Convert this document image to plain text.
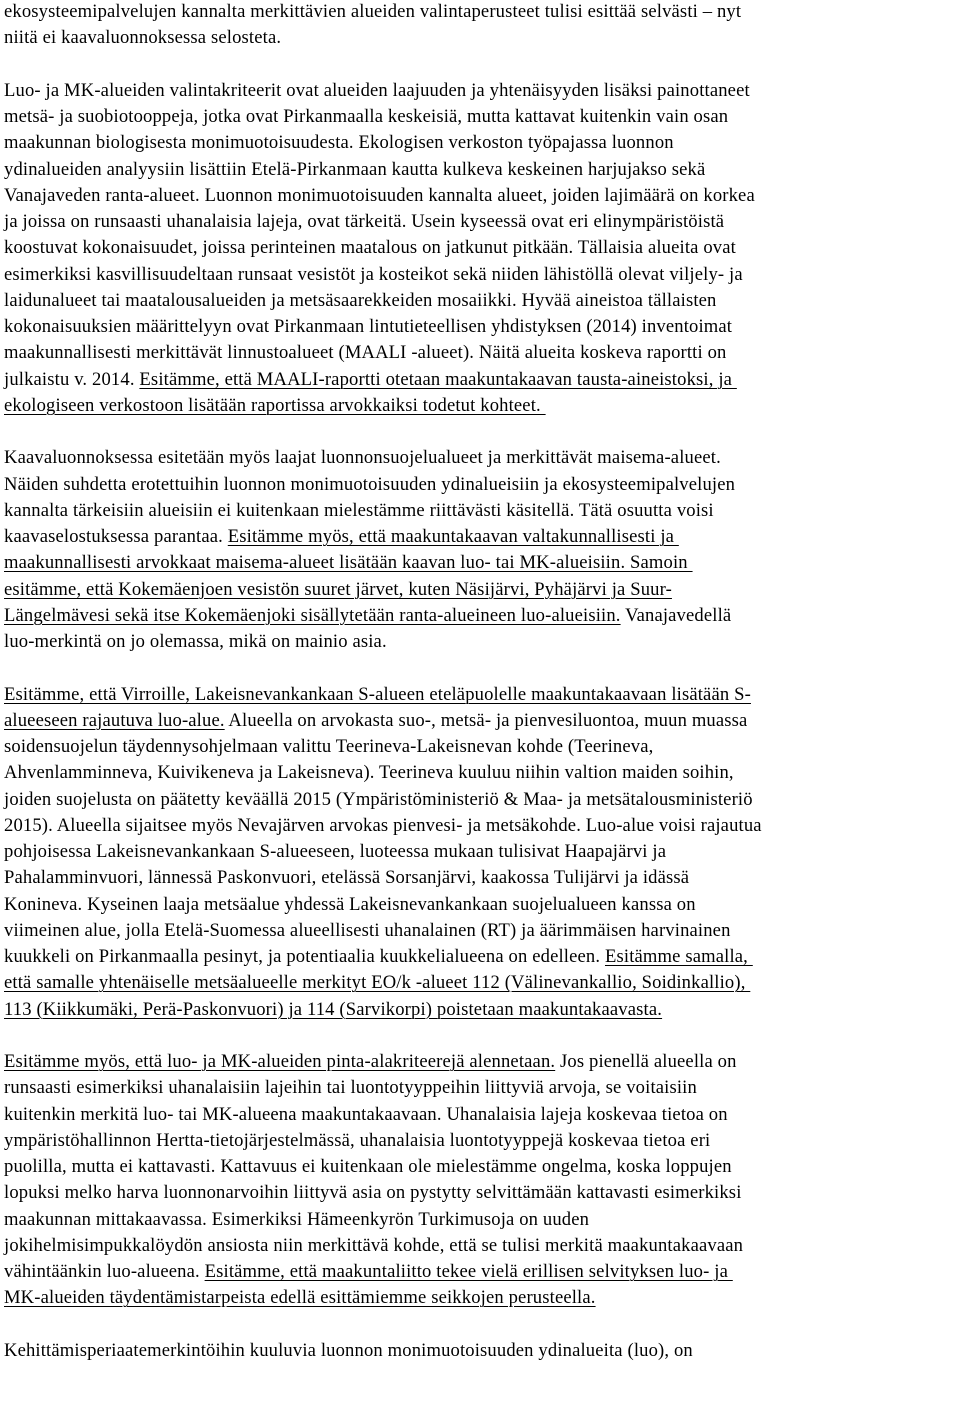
ekosysteemipalvelujen kannalta merkittävien alueiden valintaperusteet tulisi esittää selvästi – nyt
niitä ei kaavaluonnoksessa selosteta.
Luo- ja MK-alueiden valintakriteerit ovat alueiden laajuuden ja yhtenäisyyden lisäksi painottaneet
metsä- ja suobiotooppeja, jotka ovat Pirkanmaalla keskeisiä, mutta kattavat kuitenkin vain osan
maakunnan biologisesta monimuotoisuudesta. Ekologisen verkoston työpajassa luonnon
ydinalueiden analyysiin lisättiin Etelä-Pirkanmaan kautta kulkeva keskeinen harjujakso sekä
Vanajaveden ranta-alueet. Luonnon monimuotoisuuden kannalta alueet, joiden lajimäärä on korkea
ja joissa on runsaasti uhanalaisia lajeja, ovat tärkeitä. Usein kyseessä ovat eri elinympäristöistä
koostuvat kokonaisuudet, joissa perinteinen maatalous on jatkunut pitkään. Tällaisia alueita ovat
esimerkiksi kasvillisuudeltaan runsaat vesistöt ja kosteikot sekä niiden lähistöllä olevat viljely- ja
laidunalueet tai maatalousalueiden ja metsäsaarekkeiden mosaiikki. Hyvää aineistoa tällaisten
kokonaisuuksien määrittelyyn ovat Pirkanmaan lintutieteellisen yhdistyksen (2014) inventoimat
maakunnallisesti merkittävät linnustoalueet (MAALI -alueet). Näitä alueita koskeva raportti on
julkaistu v. 2014. Esitämme, että MAALI-raportti otetaan maakuntakaavan tausta-aineistoksi, ja
ekologiseen verkostoon lisätään raportissa arvokkaiksi todetut kohteet.
Kaavaluonnoksessa esitetään myös laajat luonnonsuojelualueet ja merkittävät maisema-alueet.
Näiden suhdetta erotettuihin luonnon monimuotoisuuden ydinalueisiin ja ekosysteemipalvelujen
kannalta tärkeisiin alueisiin ei kuitenkaan mielestämme riittävästi käsitellä. Tätä osuutta voisi
kaavaselostuksessa parantaa. Esitämme myös, että maakuntakaavan valtakunnallisesti ja
maakunnallisesti arvokkaat maisema-alueet lisätään kaavan luo- tai MK-alueisiin. Samoin
esitämme, että Kokemäenjoen vesistön suuret järvet, kuten Näsijärvi, Pyhäjärvi ja Suur-
Längelmävesi sekä itse Kokemäenjoki sisällytetään ranta-alueineen luo-alueisiin. Vanajavedellä
luo-merkintä on jo olemassa, mikä on mainio asia.
Esitämme, että Virroille, Lakeisnevankankaan S-alueen eteläpuolelle maakuntakaavaan lisätään S-
alueeseen rajautuva luo-alue. Alueella on arvokasta suo-, metsä- ja pienvesiluontoa, muun muassa
soidensuojelun täydennysohjelmaan valittu Teerineva-Lakeisnevan kohde (Teerineva,
Ahvenlamminneva, Kuivikeneva ja Lakeisneva). Teerineva kuuluu niihin valtion maiden soihin,
joiden suojelusta on päätetty keväällä 2015 (Ympäristöministeriö & Maa- ja metsätalousministeriö
2015). Alueella sijaitsee myös Nevajärven arvokas pienvesi- ja metsäkohde. Luo-alue voisi rajautua
pohjoisessa Lakeisnevankankaan S-alueeseen, luoteessa mukaan tulisivat Haapajärvi ja
Pahalamminvuori, lännessä Paskonvuori, etelässä Sorsanjärvi, kaakossa Tulijärvi ja idässä
Konineva. Kyseinen laaja metsäalue yhdessä Lakeisnevankankaan suojelualueen kanssa on
viimeinen alue, jolla Etelä-Suomessa alueellisesti uhanalainen (RT) ja äärimmäisen harvinainen
kuukkeli on Pirkanmaalla pesinyt, ja potentiaalia kuukkelialueena on edelleen. Esitämme samalla,
että samalle yhtenäiselle metsäalueelle merkityt EO/k -alueet 112 (Välinevankallio, Soidinkallio),
113 (Kiikkumäki, Perä-Paskonvuori) ja 114 (Sarvikorpi) poistetaan maakuntakaavasta.
Esitämme myös, että luo- ja MK-alueiden pinta-alakriteerejä alennetaan. Jos pienellä alueella on
runsaasti esimerkiksi uhanalaisiin lajeihin tai luontotyyppeihin liittyviä arvoja, se voitaisiin
kuitenkin merkitä luo- tai MK-alueena maakuntakaavaan. Uhanalaisia lajeja koskevaa tietoa on
ympäristöhallinnon Hertta-tietojärjestelmässä, uhanalaisia luontotyyppejä koskevaa tietoa eri
puolilla, mutta ei kattavasti. Kattavuus ei kuitenkaan ole mielestämme ongelma, koska loppujen
lopuksi melko harva luonnonarvoihin liittyvä asia on pystytty selvittämään kattavasti esimerkiksi
maakunnan mittakaavassa. Esimerkiksi Hämeenkyrön Turkimusoja on uuden
jokihelmisimpukkalöydön ansiosta niin merkittävä kohde, että se tulisi merkitä maakuntakaavaan
vähintäänkin luo-alueena. Esitämme, että maakuntaliitto tekee vielä erillisen selvityksen luo- ja
MK-alueiden täydentämistarpeista edellä esittämiemme seikkojen perusteella.
Kehittämisperiaatemerkintöihin kuuluvia luonnon monimuotoisuuden ydinalueita (luo), on
